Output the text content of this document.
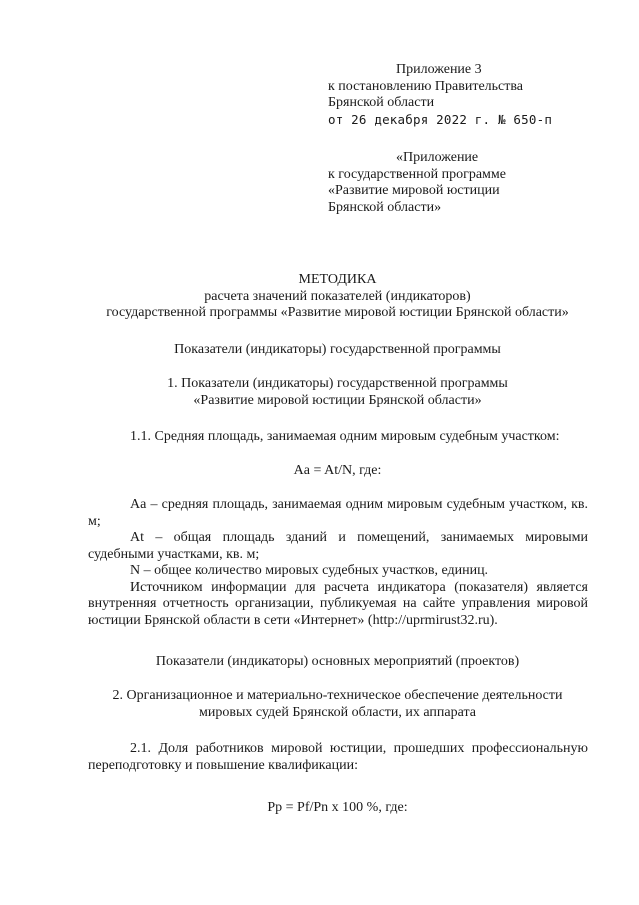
Приложение 3
к постановлению Правительства
Брянской области
от 26 декабря 2022 г. № 650-п
«Приложение
к государственной программе
«Развитие мировой юстиции
Брянской области»
МЕТОДИКА
расчета значений показателей (индикаторов)
государственной программы «Развитие мировой юстиции Брянской области»
Показатели (индикаторы) государственной программы
1. Показатели (индикаторы) государственной программы
«Развитие мировой юстиции Брянской области»

1.1. Средняя площадь, занимаемая одним мировым судебным участком:

Aa = At/N, где:

Aa – средняя площадь, занимаемая одним мировым судебным участком, кв. м;

At – общая площадь зданий и помещений, занимаемых мировыми судебными участками, кв. м;

N – общее количество мировых судебных участков, единиц.

Источником информации для расчета индикатора (показателя) является внутренняя отчетность организации, публикуемая на сайте управления мировой юстиции Брянской области в сети «Интернет» (http://uprmirust32.ru).

Показатели (индикаторы) основных мероприятий (проектов)
2. Организационное и материально-техническое обеспечение деятельности
мировых судей Брянской области, их аппарата

2.1. Доля работников мировой юстиции, прошедших профессиональную переподготовку и повышение квалификации:

Pp = Pf/Pn x 100 %, где:
